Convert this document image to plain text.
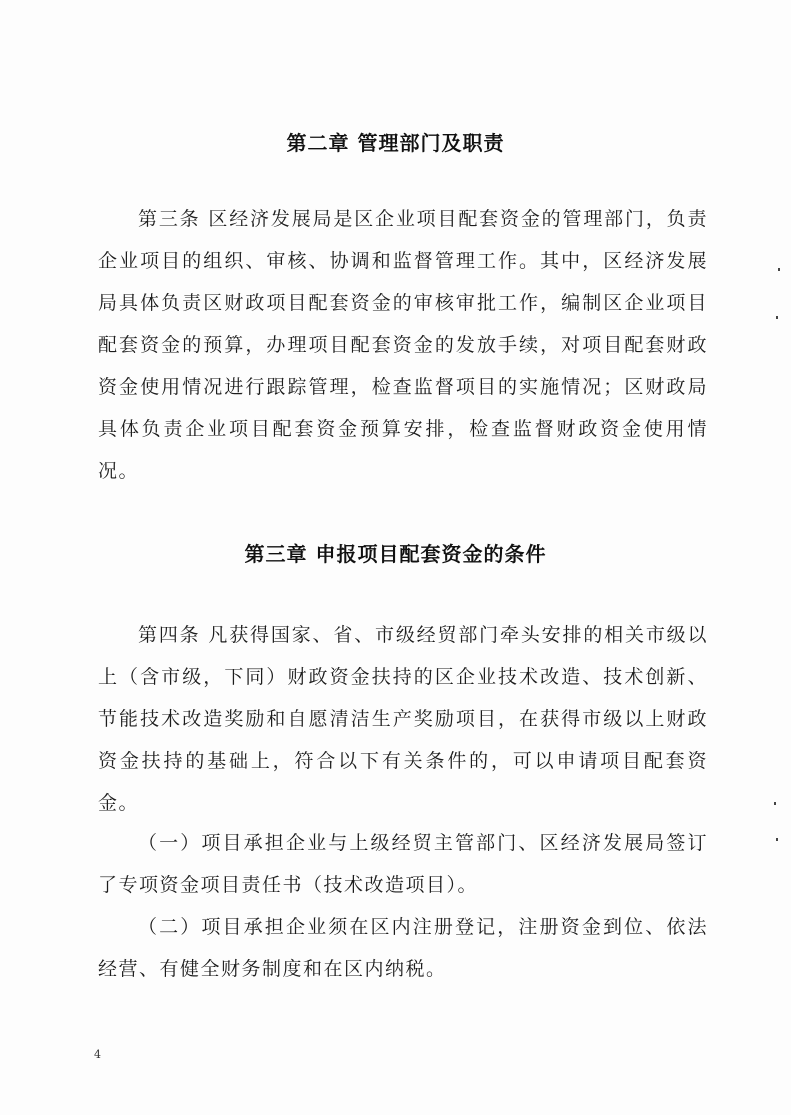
第二章 管理部门及职责
第三条 区经济发展局是区企业项目配套资金的管理部门，负责企业项目的组织、审核、协调和监督管理工作。其中，区经济发展局具体负责区财政项目配套资金的审核审批工作，编制区企业项目配套资金的预算，办理项目配套资金的发放手续，对项目配套财政资金使用情况进行跟踪管理，检查监督项目的实施情况；区财政局具体负责企业项目配套资金预算安排，检查监督财政资金使用情况。
第三章 申报项目配套资金的条件
第四条 凡获得国家、省、市级经贸部门牵头安排的相关市级以上（含市级，下同）财政资金扶持的区企业技术改造、技术创新、节能技术改造奖励和自愿清洁生产奖励项目，在获得市级以上财政资金扶持的基础上，符合以下有关条件的，可以申请项目配套资金。
（一）项目承担企业与上级经贸主管部门、区经济发展局签订了专项资金项目责任书（技术改造项目）。
（二）项目承担企业须在区内注册登记，注册资金到位、依法经营、有健全财务制度和在区内纳税。
4
